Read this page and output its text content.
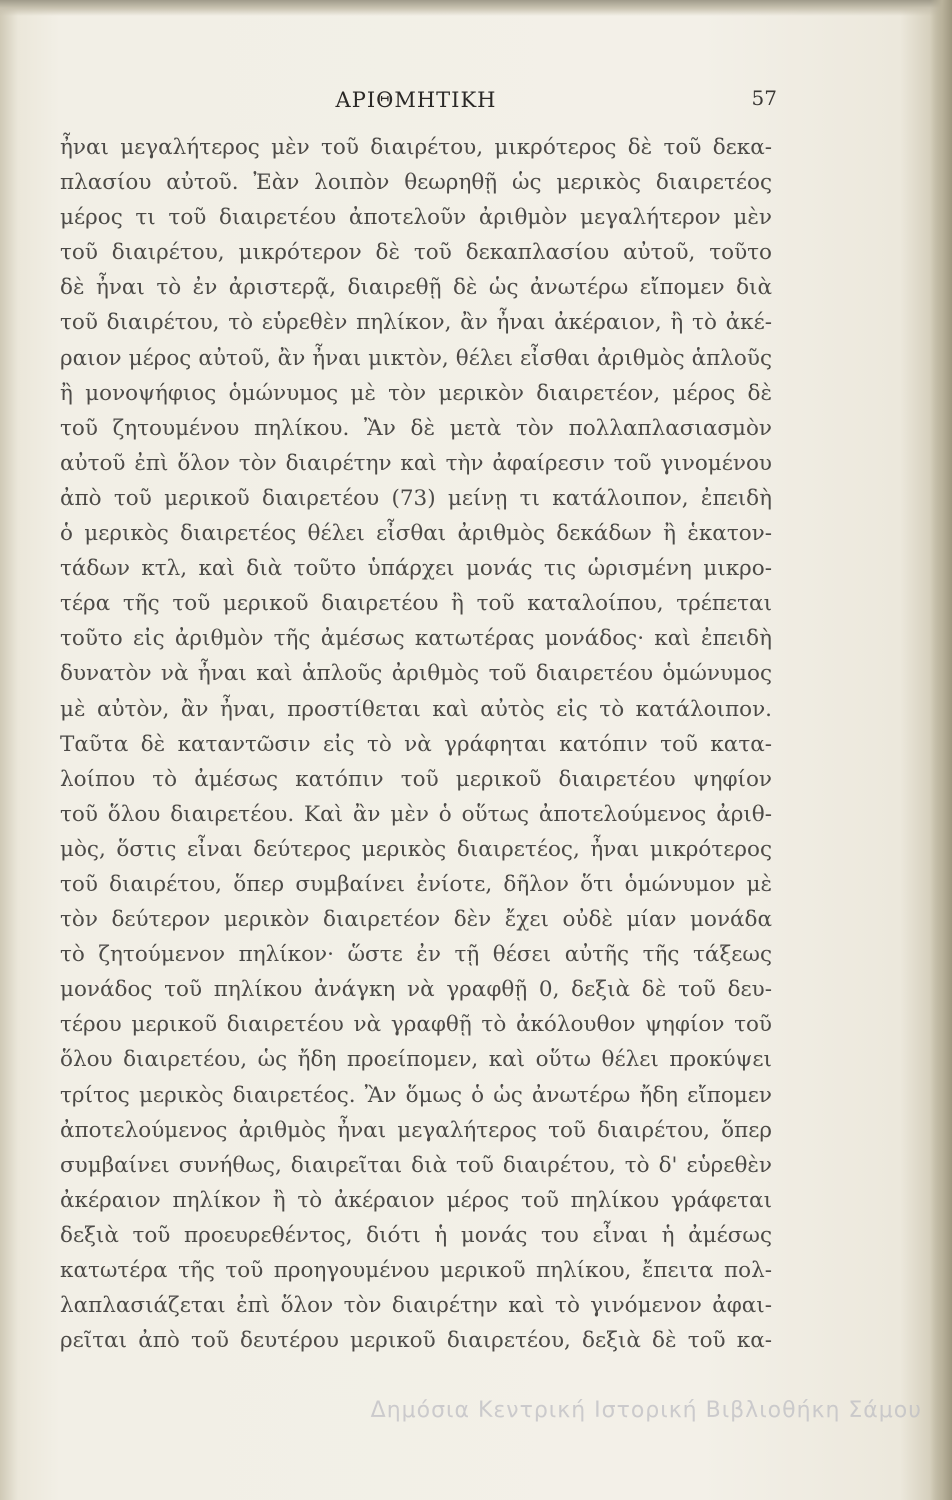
ΑΡΙΘΜΗΤΙΚΗ	57
ἦναι μεγαλήτερος μὲν τοῦ διαιρέτου, μικρότερος δὲ τοῦ δεκα-
πλασίου αὐτοῦ. Ἐὰν λοιπὸν θεωρηθῇ ὡς μερικὸς διαιρετέος
μέρος τι τοῦ διαιρετέου ἀποτελοῦν ἀριθμὸν μεγαλήτερον μὲν
τοῦ διαιρέτου, μικρότερον δὲ τοῦ δεκαπλασίου αὐτοῦ, τοῦτο
δὲ ἦναι τὸ ἐν ἀριστερᾷ, διαιρεθῇ δὲ ὡς ἀνωτέρω εἴπομεν διὰ
τοῦ διαιρέτου, τὸ εὑρεθὲν πηλίκον, ἂν ἦναι ἀκέραιον, ἢ τὸ ἀκέ-
ραιον μέρος αὐτοῦ, ἂν ἦναι μικτὸν, θέλει εἶσθαι ἀριθμὸς ἁπλοῦς
ἢ μονοψήφιος ὁμώνυμος μὲ τὸν μερικὸν διαιρετέον, μέρος δὲ
τοῦ ζητουμένου πηλίκου. Ἂν δὲ μετὰ τὸν πολλαπλασιασμὸν
αὐτοῦ ἐπὶ ὅλον τὸν διαιρέτην καὶ τὴν ἀφαίρεσιν τοῦ γινομένου
ἀπὸ τοῦ μερικοῦ διαιρετέου (73) μείνῃ τι κατάλοιπον, ἐπειδὴ
ὁ μερικὸς διαιρετέος θέλει εἶσθαι ἀριθμὸς δεκάδων ἢ ἑκατον-
τάδων κτλ, καὶ διὰ τοῦτο ὑπάρχει μονάς τις ὡρισμένη μικρο-
τέρα τῆς τοῦ μερικοῦ διαιρετέου ἢ τοῦ καταλοίπου, τρέπεται
τοῦτο εἰς ἀριθμὸν τῆς ἀμέσως κατωτέρας μονάδος· καὶ ἐπειδὴ
δυνατὸν νὰ ἦναι καὶ ἁπλοῦς ἀριθμὸς τοῦ διαιρετέου ὁμώνυμος
μὲ αὐτὸν, ἂν ἦναι, προστίθεται καὶ αὐτὸς εἰς τὸ κατάλοιπον.
Ταῦτα δὲ καταντῶσιν εἰς τὸ νὰ γράφηται κατόπιν τοῦ κατα-
λοίπου τὸ ἀμέσως κατόπιν τοῦ μερικοῦ διαιρετέου ψηφίον
τοῦ ὅλου διαιρετέου. Καὶ ἂν μὲν ὁ οὕτως ἀποτελούμενος ἀριθ-
μὸς, ὅστις εἶναι δεύτερος μερικὸς διαιρετέος, ἦναι μικρότερος
τοῦ διαιρέτου, ὅπερ συμβαίνει ἐνίοτε, δῆλον ὅτι ὁμώνυμον μὲ
τὸν δεύτερον μερικὸν διαιρετέον δὲν ἔχει οὐδὲ μίαν μονάδα
τὸ ζητούμενον πηλίκον· ὥστε ἐν τῇ θέσει αὐτῆς τῆς τάξεως
μονάδος τοῦ πηλίκου ἀνάγκη νὰ γραφθῇ 0, δεξιὰ δὲ τοῦ δευ-
τέρου μερικοῦ διαιρετέου νὰ γραφθῇ τὸ ἀκόλουθον ψηφίον τοῦ
ὅλου διαιρετέου, ὡς ἤδη προείπομεν, καὶ οὕτω θέλει προκύψει
τρίτος μερικὸς διαιρετέος. Ἂν ὅμως ὁ ὡς ἀνωτέρω ἤδη εἴπομεν
ἀποτελούμενος ἀριθμὸς ἦναι μεγαλήτερος τοῦ διαιρέτου, ὅπερ
συμβαίνει συνήθως, διαιρεῖται διὰ τοῦ διαιρέτου, τὸ δ' εὑρεθὲν
ἀκέραιον πηλίκον ἢ τὸ ἀκέραιον μέρος τοῦ πηλίκου γράφεται
δεξιὰ τοῦ προευρεθέντος, διότι ἡ μονάς του εἶναι ἡ ἀμέσως
κατωτέρα τῆς τοῦ προηγουμένου μερικοῦ πηλίκου, ἔπειτα πολ-
λαπλασιάζεται ἐπὶ ὅλον τὸν διαιρέτην καὶ τὸ γινόμενον ἀφαι-
ρεῖται ἀπὸ τοῦ δευτέρου μερικοῦ διαιρετέου, δεξιὰ δὲ τοῦ κα-
Δημόσια Κεντρική Ιστορική Βιβλιοθήκη Σάμου
